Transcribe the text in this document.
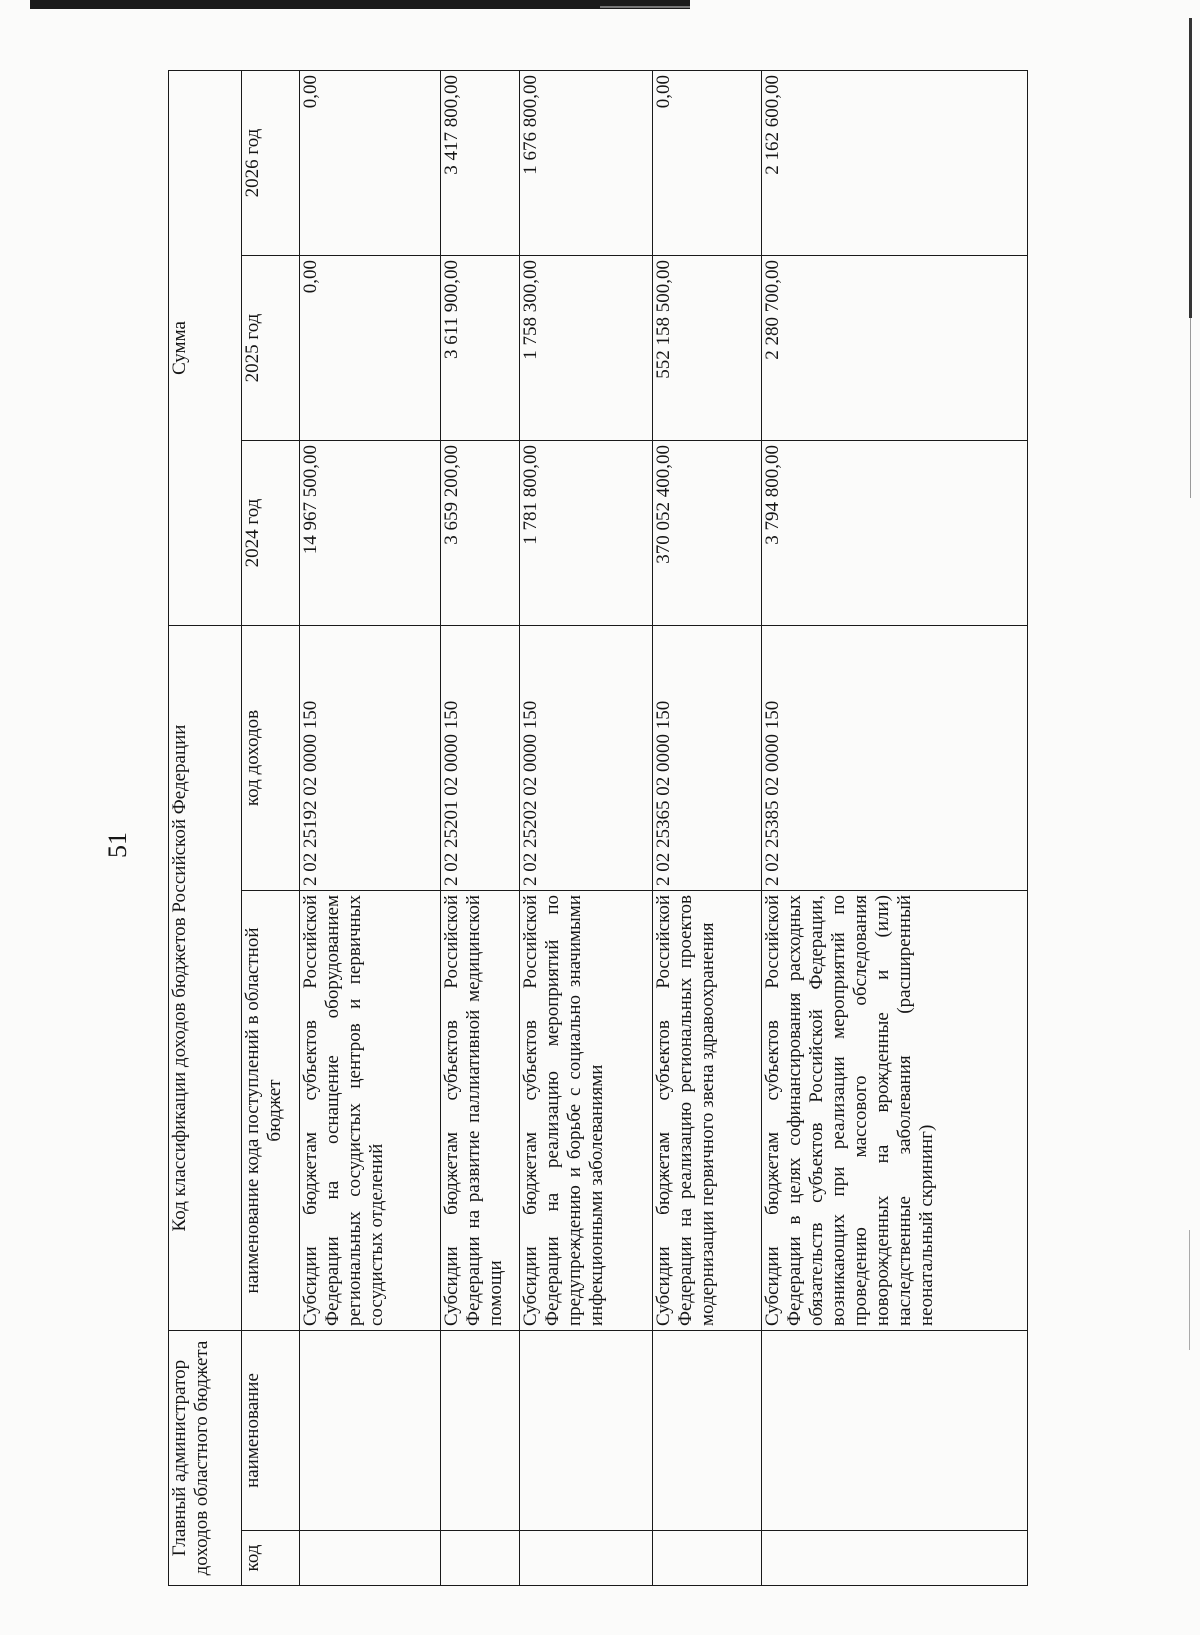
51
Главный администратор доходов областного бюджета		Код классификации доходов бюджетов Российской Федерации		Сумма		
код	наименование	наименование кода поступлений в областной бюджет	код доходов	2024 год	2025 год	2026 год
		Субсидии бюджетам субъектов Российской Федерации на оснащение оборудованием региональных сосудистых центров и первичных сосудистых отделений	2 02 25192 02 0000 150	14 967 500,00	0,00	0,00
		Субсидии бюджетам субъектов Российской Федерации на развитие паллиативной медицинской помощи	2 02 25201 02 0000 150	3 659 200,00	3 611 900,00	3 417 800,00
		Субсидии бюджетам субъектов Российской Федерации на реализацию мероприятий по предупреждению и борьбе с социально значимыми инфекционными заболеваниями	2 02 25202 02 0000 150	1 781 800,00	1 758 300,00	1 676 800,00
		Субсидии бюджетам субъектов Российской Федерации на реализацию региональных проектов модернизации первичного звена здравоохранения	2 02 25365 02 0000 150	370 052 400,00	552 158 500,00	0,00
		Субсидии бюджетам субъектов Российской Федерации в целях софинансирования расходных обязательств субъектов Российской Федерации, возникающих при реализации мероприятий по проведению массового обследования новорожденных на врожденные и (или) наследственные заболевания (расширенный неонатальный скрининг)	2 02 25385 02 0000 150	3 794 800,00	2 280 700,00	2 162 600,00
